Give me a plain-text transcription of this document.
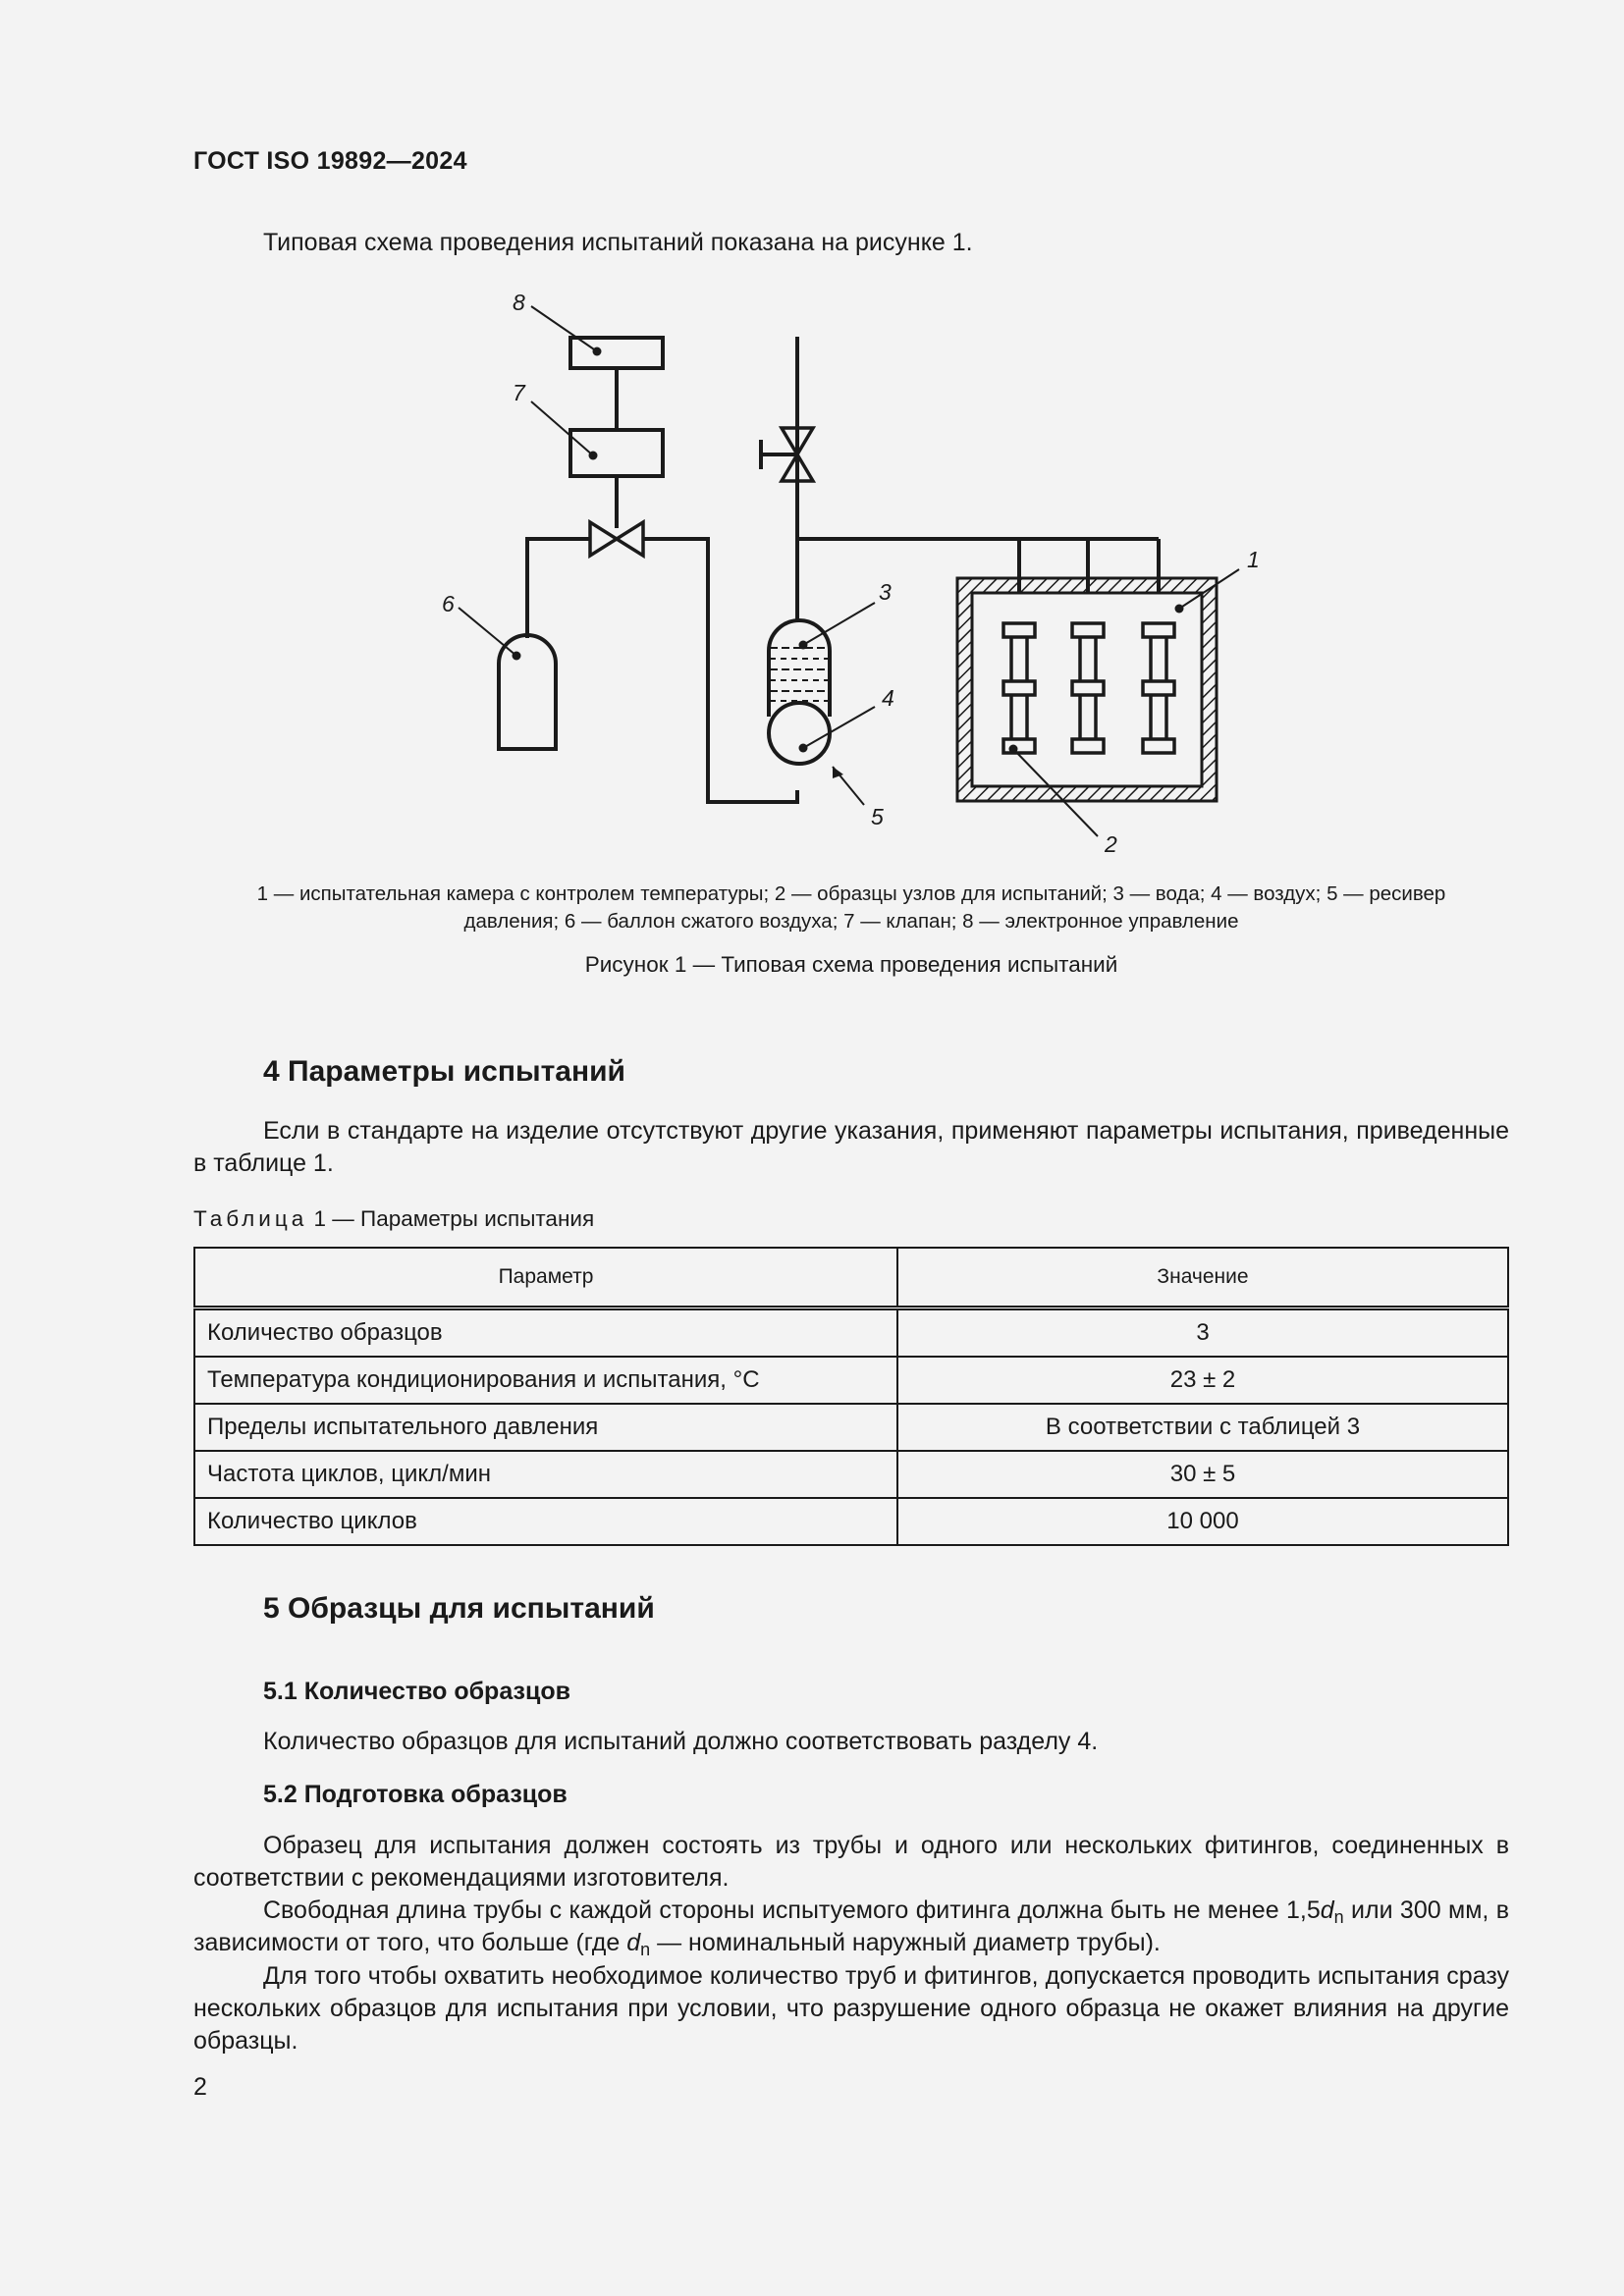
ГОСТ ISO 19892—2024
Типовая схема проведения испытаний показана на рисунке 1.
1
2
3
4
5
6
7
8
1 — испытательная камера с контролем температуры; 2 — образцы узлов для испытаний; 3 — вода; 4 — воздух; 5 — ресивер
давления; 6 — баллон сжатого воздуха; 7 — клапан; 8 — электронное управление
Рисунок 1 — Типовая схема проведения испытаний
4 Параметры испытаний
Если в стандарте на изделие отсутствуют другие указания, применяют параметры испытания, приведенные в таблице 1.
Таблица 1 — Параметры испытания
Параметр	Значение
Количество образцов	3
Температура кондиционирования и испытания, °С	23 ± 2
Пределы испытательного давления	В соответствии с таблицей 3
Частота циклов, цикл/мин	30 ± 5
Количество циклов	10 000
5 Образцы для испытаний
5.1 Количество образцов
Количество образцов для испытаний должно соответствовать разделу 4.
5.2 Подготовка образцов
Образец для испытания должен состоять из трубы и одного или нескольких фитингов, соединенных в соответствии с рекомендациями изготовителя.
Свободная длина трубы с каждой стороны испытуемого фитинга должна быть не менее $1,5d_n$ или 300 мм, в зависимости от того, что больше (где $d_n$ — номинальный наружный диаметр трубы).
Для того чтобы охватить необходимое количество труб и фитингов, допускается проводить испытания сразу нескольких образцов для испытания при условии, что разрушение одного образца не окажет влияния на другие образцы.
2
